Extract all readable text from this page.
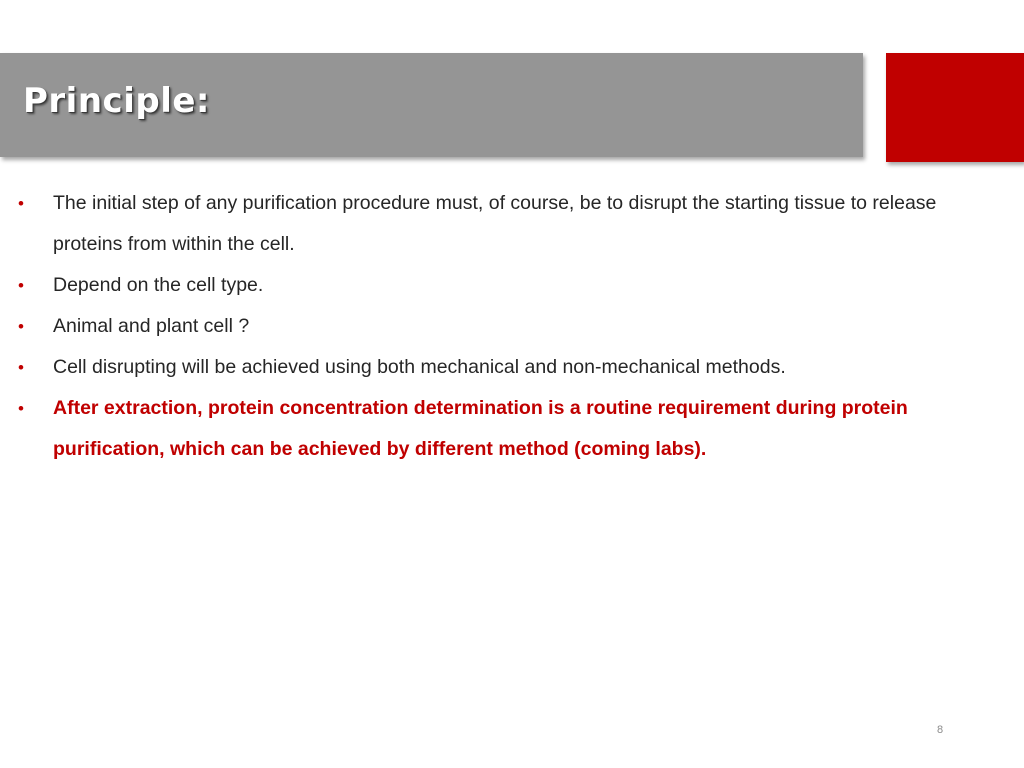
Principle:
• The initial step of any purification procedure must, of course, be to disrupt the starting tissue to release proteins from within the cell.
• Depend on the cell type.
• Animal and plant cell ?
• Cell disrupting will be achieved using both mechanical and non-mechanical methods.
• After extraction, protein concentration determination is a routine requirement during protein purification, which can be achieved by different method (coming labs).
8
